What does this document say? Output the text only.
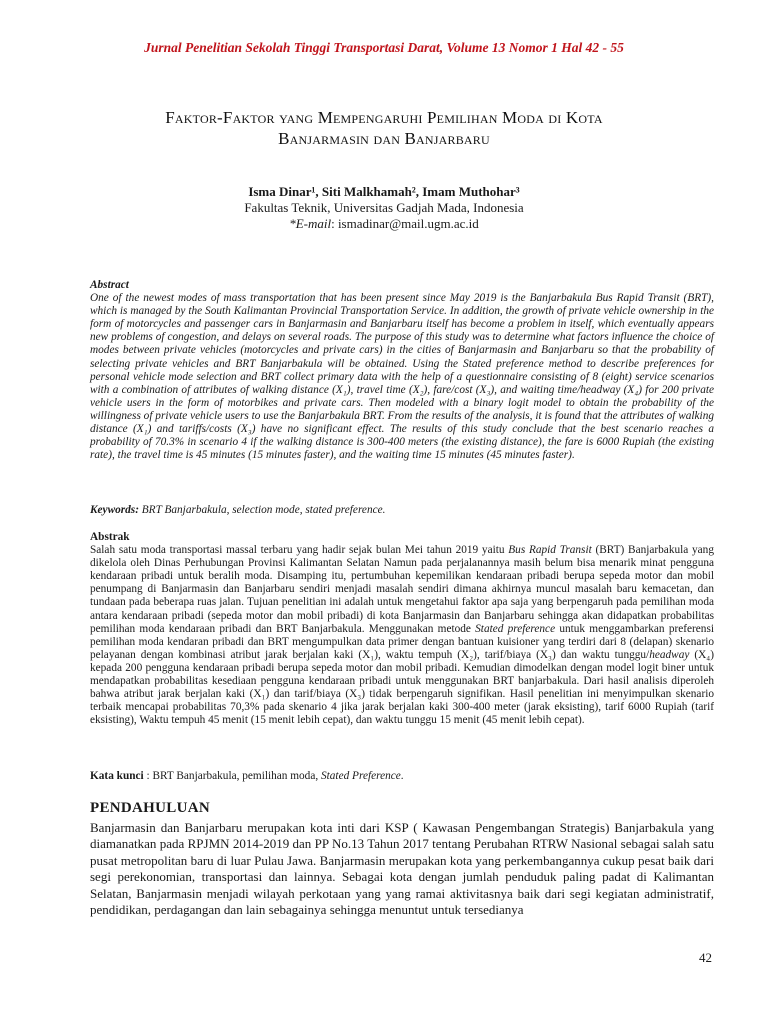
Jurnal Penelitian Sekolah Tinggi Transportasi Darat, Volume 13 Nomor 1 Hal 42 - 55
Faktor-Faktor yang Mempengaruhi Pemilihan Moda di Kota
Banjarmasin dan Banjarbaru
Isma Dinar¹, Siti Malkhamah², Imam Muthohar³
Fakultas Teknik, Universitas Gadjah Mada, Indonesia
*E-mail: ismadinar@mail.ugm.ac.id
Abstract
One of the newest modes of mass transportation that has been present since May 2019 is the Banjarbakula Bus Rapid Transit (BRT), which is managed by the South Kalimantan Provincial Transportation Service. In addition, the growth of private vehicle ownership in the form of motorcycles and passenger cars in Banjarmasin and Banjarbaru itself has become a problem in itself, which eventually appears new problems of congestion, and delays on several roads. The purpose of this study was to determine what factors influence the choice of modes between private vehicles (motorcycles and private cars) in the cities of Banjarmasin and Banjarbaru so that the probability of selecting private vehicles and BRT Banjarbakula will be obtained. Using the Stated preference method to describe preferences for personal vehicle mode selection and BRT collect primary data with the help of a questionnaire consisting of 8 (eight) service scenarios with a combination of attributes of walking distance (X₁), travel time (X₂), fare/cost (X₃), and waiting time/headway (X₄) for 200 private vehicle users in the form of motorbikes and private cars. Then modeled with a binary logit model to obtain the probability of the willingness of private vehicle users to use the Banjarbakula BRT. From the results of the analysis, it is found that the attributes of walking distance (X₁) and tariffs/costs (X₃) have no significant effect. The results of this study conclude that the best scenario reaches a probability of 70.3% in scenario 4 if the walking distance is 300-400 meters (the existing distance), the fare is 6000 Rupiah (the existing rate), the travel time is 45 minutes (15 minutes faster), and the waiting time 15 minutes (45 minutes faster).
Keywords: BRT Banjarbakula, selection mode, stated preference.
Abstrak
Salah satu moda transportasi massal terbaru yang hadir sejak bulan Mei tahun 2019 yaitu Bus Rapid Transit (BRT) Banjarbakula yang dikelola oleh Dinas Perhubungan Provinsi Kalimantan Selatan Namun pada perjalanannya masih belum bisa menarik minat pengguna kendaraan pribadi untuk beralih moda. Disamping itu, pertumbuhan kepemilikan kendaraan pribadi berupa sepeda motor dan mobil penumpang di Banjarmasin dan Banjarbaru sendiri menjadi masalah sendiri dimana akhirnya muncul masalah baru kemacetan, dan tundaan pada beberapa ruas jalan. Tujuan penelitian ini adalah untuk mengetahui faktor apa saja yang berpengaruh pada pemilihan moda antara kendaraan pribadi (sepeda motor dan mobil pribadi) di kota Banjarmasin dan Banjarbaru sehingga akan didapatkan probabilitas pemilihan moda kendaraan pribadi dan BRT Banjarbakula. Menggunakan metode Stated preference untuk menggambarkan preferensi pemilihan moda kendaran pribadi dan BRT mengumpulkan data primer dengan bantuan kuisioner yang terdiri dari 8 (delapan) skenario pelayanan dengan kombinasi atribut jarak berjalan kaki (X₁), waktu tempuh (X₂), tarif/biaya (X₃) dan waktu tunggu/headway (X₄) kepada 200 pengguna kendaraan pribadi berupa sepeda motor dan mobil pribadi. Kemudian dimodelkan dengan model logit biner untuk mendapatkan probabilitas kesediaan pengguna kendaraan pribadi untuk menggunakan BRT banjarbakula. Dari hasil analisis diperoleh bahwa atribut jarak berjalan kaki (X₁) dan tarif/biaya (X₃) tidak berpengaruh signifikan. Hasil penelitian ini menyimpulkan skenario terbaik mencapai probabilitas 70,3% pada skenario 4 jika jarak berjalan kaki 300-400 meter (jarak eksisting), tarif 6000 Rupiah (tarif eksisting), Waktu tempuh 45 menit (15 menit lebih cepat), dan waktu tunggu 15 menit (45 menit lebih cepat).
Kata kunci : BRT Banjarbakula, pemilihan moda, Stated Preference.
PENDAHULUAN
Banjarmasin dan Banjarbaru merupakan kota inti dari KSP ( Kawasan Pengembangan Strategis) Banjarbakula yang diamanatkan pada RPJMN 2014-2019 dan PP No.13 Tahun 2017 tentang Perubahan RTRW Nasional sebagai salah satu pusat metropolitan baru di luar Pulau Jawa. Banjarmasin merupakan kota yang perkembangannya cukup pesat baik dari segi perekonomian, transportasi dan lainnya. Sebagai kota dengan jumlah penduduk paling padat di Kalimantan Selatan, Banjarmasin menjadi wilayah perkotaan yang yang ramai aktivitasnya baik dari segi kegiatan administratif, pendidikan, perdagangan dan lain sebagainya sehingga menuntut untuk tersedianya
42
